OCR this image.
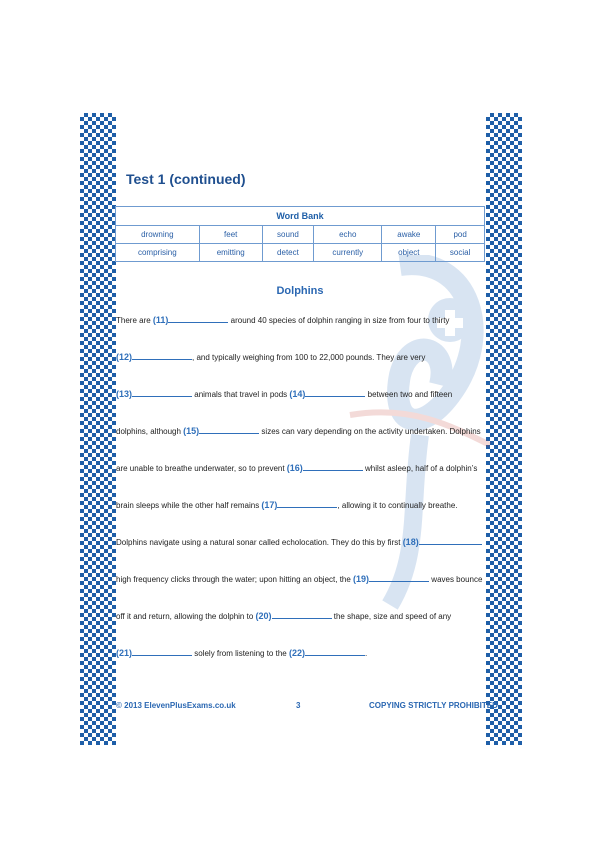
Test 1 (continued)
Word Bank					
drowning	feet	sound	echo	awake	pod
comprising	emitting	detect	currently	object	social
Dolphins
There are (11)	around 40 species of dolphin ranging in size from four to thirty
(12)	, and typically weighing from 100 to 22,000 pounds. They are very
(13)	animals that travel in pods (14)	between two and fifteen
dolphins, although (15)	sizes can vary depending on the activity undertaken. Dolphins
are unable to breathe underwater, so to prevent (16)	whilst asleep, half of a dolphin’s
brain sleeps while the other half remains (17)	, allowing it to continually breathe.
Dolphins navigate using a natural sonar called echolocation. They do this by first (18)
high frequency clicks through the water; upon hitting an object, the (19)	waves bounce
off it and return, allowing the dolphin to (20)	the shape, size and speed of any
(21)	solely from listening to the (22)	.
© 2013 ElevenPlusExams.co.uk	3	COPYING STRICTLY PROHIBITED
